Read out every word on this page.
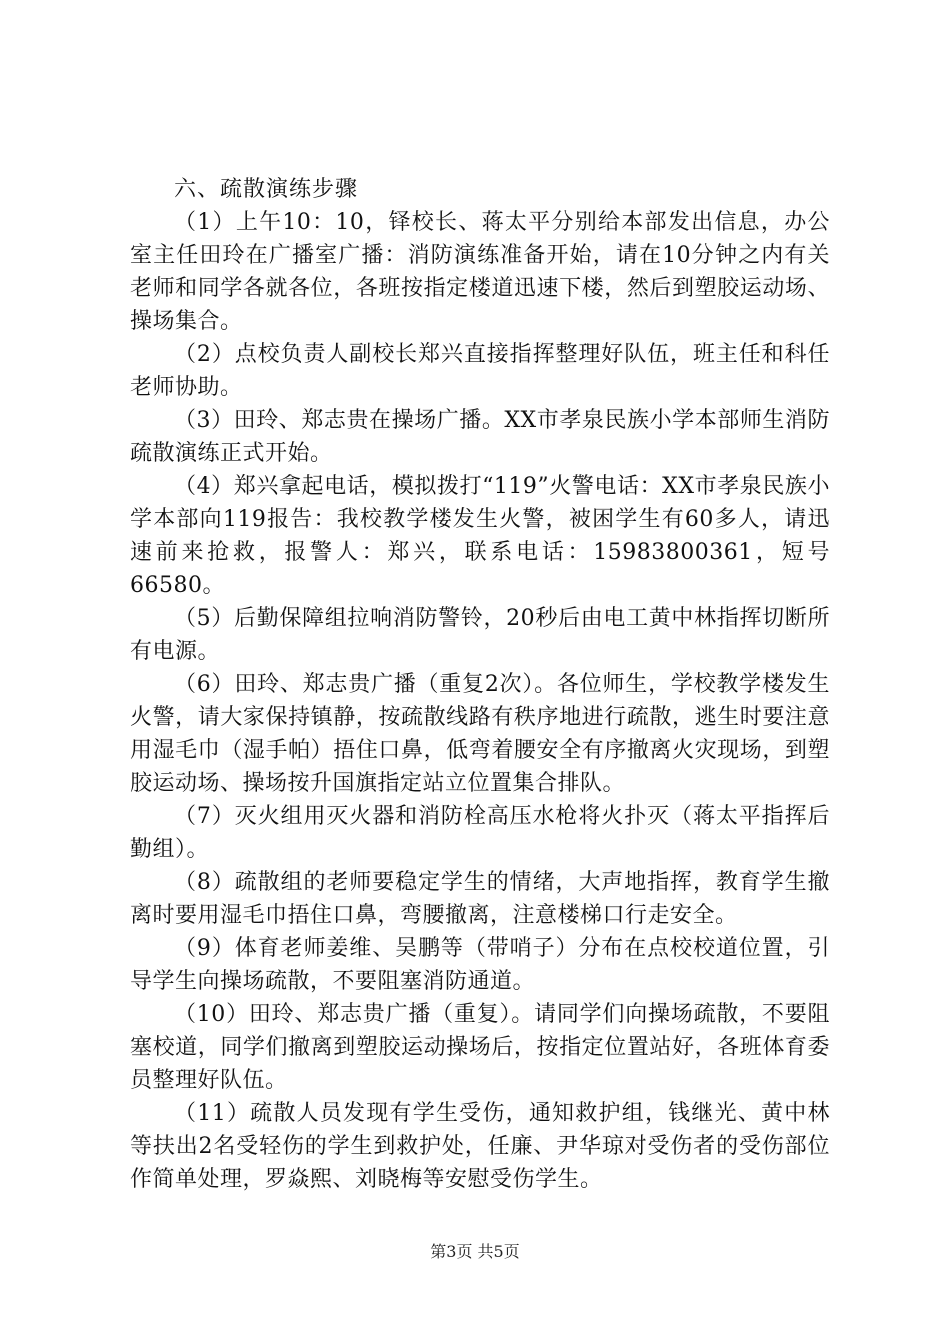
六、疏散演练步骤

（1）上午10：10，铎校长、蒋太平分别给本部发出信息，办公室主任田玲在广播室广播：消防演练准备开始，请在10分钟之内有关老师和同学各就各位，各班按指定楼道迅速下楼，然后到塑胶运动场、操场集合。

（2）点校负责人副校长郑兴直接指挥整理好队伍，班主任和科任老师协助。

（3）田玲、郑志贵在操场广播。XX市孝泉民族小学本部师生消防疏散演练正式开始。

（4）郑兴拿起电话，模拟拨打“119”火警电话：XX市孝泉民族小学本部向119报告：我校教学楼发生火警，被困学生有60多人，请迅速前来抢救，报警人：郑兴，联系电话：15983800361，短号66580。

（5）后勤保障组拉响消防警铃，20秒后由电工黄中林指挥切断所有电源。

（6）田玲、郑志贵广播（重复2次）。各位师生，学校教学楼发生火警，请大家保持镇静，按疏散线路有秩序地进行疏散，逃生时要注意用湿毛巾（湿手帕）捂住口鼻，低弯着腰安全有序撤离火灾现场，到塑胶运动场、操场按升国旗指定站立位置集合排队。

（7）灭火组用灭火器和消防栓高压水枪将火扑灭（蒋太平指挥后勤组）。

（8）疏散组的老师要稳定学生的情绪，大声地指挥，教育学生撤离时要用湿毛巾捂住口鼻，弯腰撤离，注意楼梯口行走安全。

（9）体育老师姜维、吴鹏等（带哨子）分布在点校校道位置，引导学生向操场疏散，不要阻塞消防通道。

（10）田玲、郑志贵广播（重复）。请同学们向操场疏散，不要阻塞校道，同学们撤离到塑胶运动操场后，按指定位置站好，各班体育委员整理好队伍。

（11）疏散人员发现有学生受伤，通知救护组，钱继光、黄中林等扶出2名受轻伤的学生到救护处，任廉、尹华琼对受伤者的受伤部位作简单处理，罗焱熙、刘晓梅等安慰受伤学生。

第3页 共5页
